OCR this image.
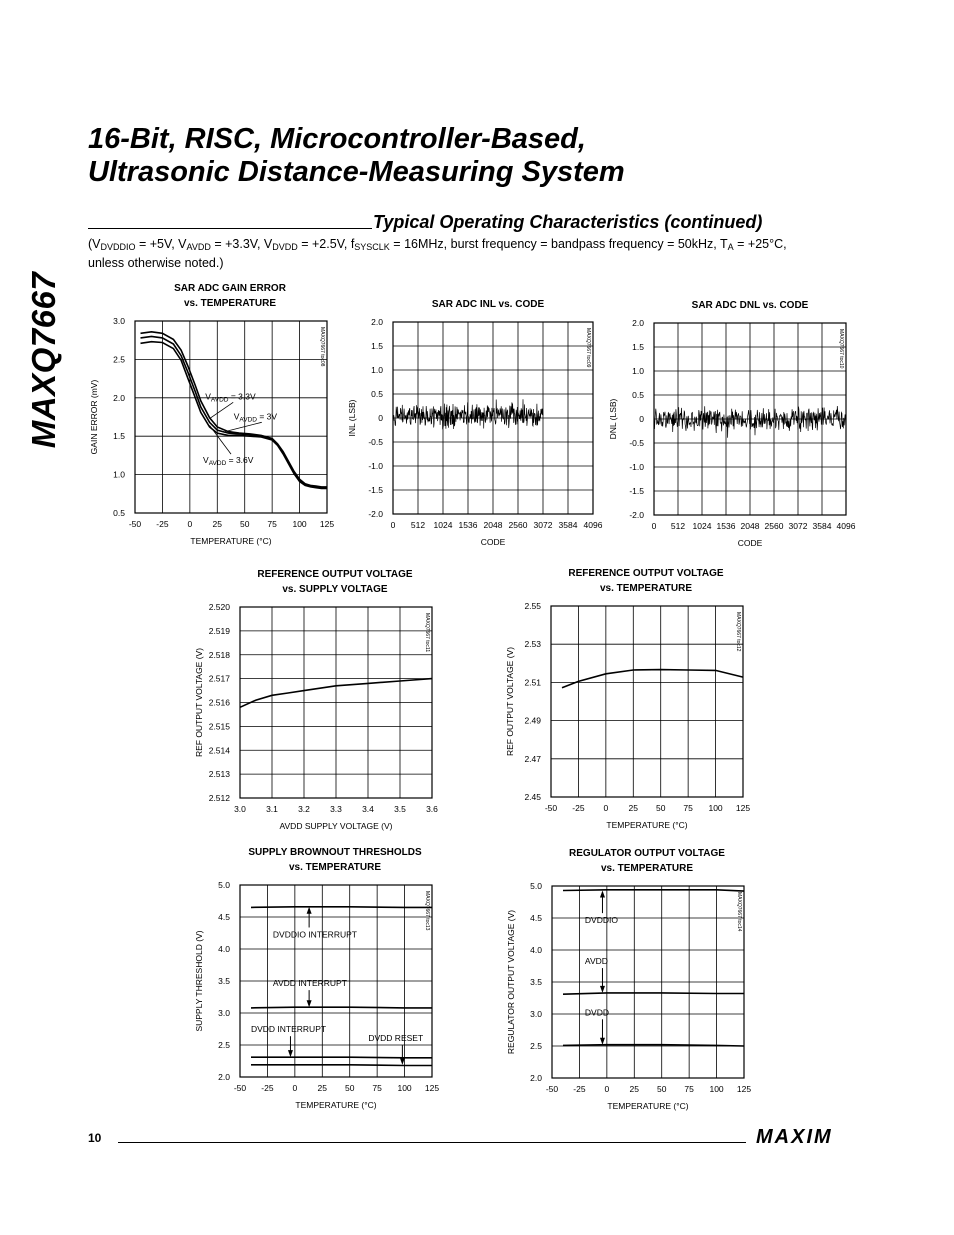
MAXQ7667
16-Bit, RISC, Microcontroller-Based,
Ultrasonic Distance-Measuring System
Typical Operating Characteristics (continued)
($V_{DVDDIO} = +5V$, $V_{AVDD} = +3.3V$, $V_{DVDD} = +2.5V$, $f_{SYSCLK} = 16MHz$, burst frequency = bandpass frequency = 50kHz, $T_A = +25^\circ C$,
unless otherwise noted.)
SAR ADC GAIN ERROR
vs. TEMPERATURE
-50 -25 0 25 50 75 100 125
0.5
1.0
1.5
2.0
2.5
3.0
TEMPERATURE (°C)
GAIN ERROR (mV)
MAXQ7667 toc08
$V_{AVDD} = 3.3V$
$V_{AVDD} = 3V$
$V_{AVDD} = 3.6V$
SAR ADC INL vs. CODE
0 512 1024 1536 2048 2560 3072 3584 4096
-2.0
-1.5
-1.0
-0.5
0
0.5
1.0
1.5
2.0
CODE
INL (LSB)
MAXQ7667 toc09
SAR ADC DNL vs. CODE
0 512 1024 1536 2048 2560 3072 3584 4096
-2.0
-1.5
-1.0
-0.5
0
0.5
1.0
1.5
2.0
CODE
DNL (LSB)
MAXQ7667 toc10
REFERENCE OUTPUT VOLTAGE
vs. SUPPLY VOLTAGE
3.0 3.1 3.2 3.3 3.4 3.5 3.6
2.512
2.513
2.514
2.515
2.516
2.517
2.518
2.519
2.520
AVDD SUPPLY VOLTAGE (V)
REF OUTPUT VOLTAGE (V)
MAXQ7667 toc11
REFERENCE OUTPUT VOLTAGE
vs. TEMPERATURE
-50 -25 0 25 50 75 100 125
2.45
2.47
2.49
2.51
2.53
2.55
TEMPERATURE (°C)
REF OUTPUT VOLTAGE (V)
MAXQ7667 toc12
SUPPLY BROWNOUT THRESHOLDS
vs. TEMPERATURE
-50 -25 0 25 50 75 100 125
2.0
2.5
3.0
3.5
4.0
4.5
5.0
TEMPERATURE (°C)
SUPPLY THRESHOLD (V)
MAXQ7667 toc13
DVDDIO INTERRUPT
AVDD INTERRUPT
DVDD INTERRUPT
DVDD RESET
REGULATOR OUTPUT VOLTAGE
vs. TEMPERATURE
-50 -25 0 25 50 75 100 125
2.0
2.5
3.0
3.5
4.0
4.5
5.0
TEMPERATURE (°C)
REGULATOR OUTPUT VOLTAGE (V)	MAXQ7667 toc14
DVDDIO
AVDD
DVDD
10	MAXIM
